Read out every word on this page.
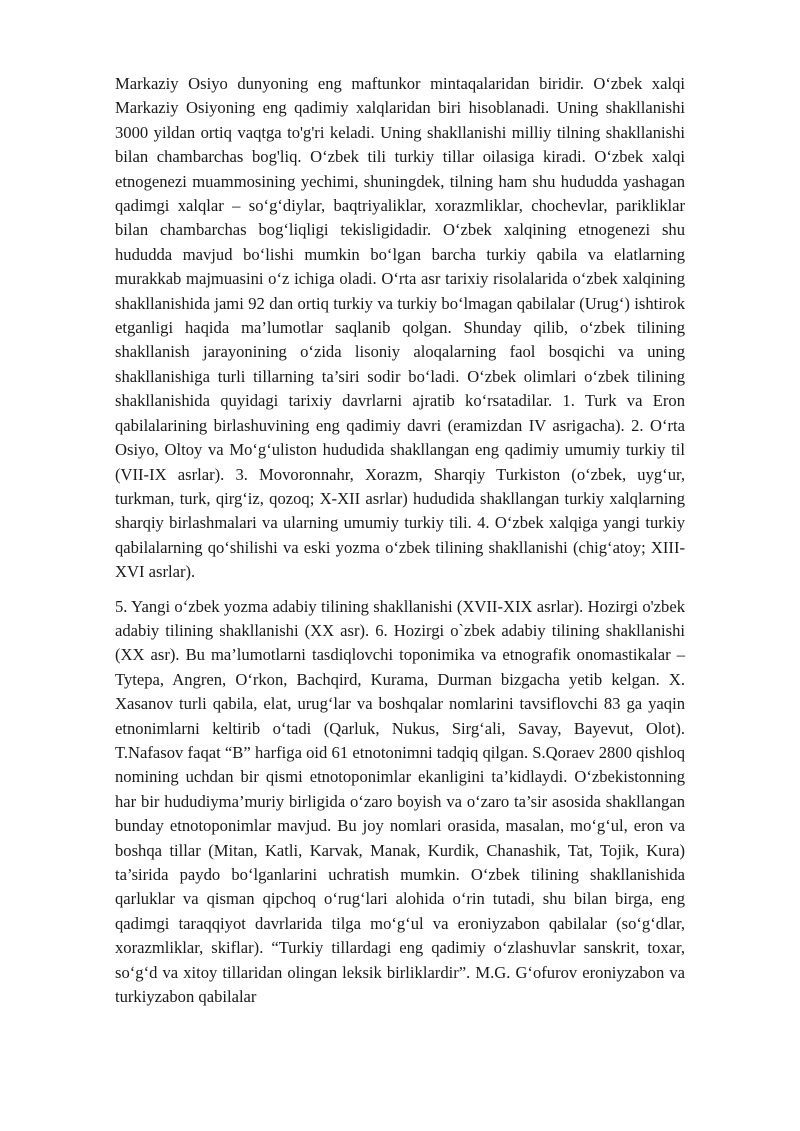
Markaziy Osiyo dunyoning eng maftunkor mintaqalaridan biridir. O‘zbek xalqi Markaziy Osiyoning eng qadimiy xalqlaridan biri hisoblanadi. Uning shakllanishi 3000 yildan ortiq vaqtga to'g'ri keladi. Uning shakllanishi milliy tilning shakllanishi bilan chambarchas bog'liq. O‘zbek tili turkiy tillar oilasiga kiradi. O‘zbek xalqi etnogenezi muammosining yechimi, shuningdek, tilning ham shu hududda yashagan qadimgi xalqlar – so‘g‘diylar, baqtriyaliklar, xorazmliklar, chochevlar, parikliklar bilan chambarchas bog‘liqligi tekisligidadir. O‘zbek xalqining etnogenezi shu hududda mavjud bo‘lishi mumkin bo‘lgan barcha turkiy qabila va elatlarning murakkab majmuasini o‘z ichiga oladi. O‘rta asr tarixiy risolalarida o‘zbek xalqining shakllanishida jami 92 dan ortiq turkiy va turkiy bo‘lmagan qabilalar (Urug‘) ishtirok etganligi haqida ma’lumotlar saqlanib qolgan. Shunday qilib, o‘zbek tilining shakllanish jarayonining o‘zida lisoniy aloqalarning faol bosqichi va uning shakllanishiga turli tillarning ta’siri sodir bo‘ladi. O‘zbek olimlari o‘zbek tilining shakllanishida quyidagi tarixiy davrlarni ajratib ko‘rsatadilar. 1. Turk va Eron qabilalarining birlashuvining eng qadimiy davri (eramizdan IV asrigacha). 2. O‘rta Osiyo, Oltoy va Mo‘g‘uliston hududida shakllangan eng qadimiy umumiy turkiy til (VII-IX asrlar). 3. Movoronnahr, Xorazm, Sharqiy Turkiston (o‘zbek, uyg‘ur, turkman, turk, qirg‘iz, qozoq; X-XII asrlar) hududida shakllangan turkiy xalqlarning sharqiy birlashmalari va ularning umumiy turkiy tili. 4. O‘zbek xalqiga yangi turkiy qabilalarning qo‘shilishi va eski yozma o‘zbek tilining shakllanishi (chig‘atoy; XIII-XVI asrlar).

5. Yangi o‘zbek yozma adabiy tilining shakllanishi (XVII-XIX asrlar). Hozirgi o'zbek adabiy tilining shakllanishi (XX asr). 6. Hozirgi o`zbek adabiy tilining shakllanishi (XX asr). Bu ma’lumotlarni tasdiqlovchi toponimika va etnografik onomastikalar – Tytepa, Angren, O‘rkon, Bachqird, Kurama, Durman bizgacha yetib kelgan. X. Xasanov turli qabila, elat, urug‘lar va boshqalar nomlarini tavsiflovchi 83 ga yaqin etnonimlarni keltirib o‘tadi (Qarluk, Nukus, Sirg‘ali, Savay, Bayevut, Olot). T.Nafasov faqat “B” harfiga oid 61 etnotonimni tadqiq qilgan. S.Qoraev 2800 qishloq nomining uchdan bir qismi etnotoponimlar ekanligini ta’kidlaydi. O‘zbekistonning har bir hududiyma’muriy birligida o‘zaro boyish va o‘zaro ta’sir asosida shakllangan bunday etnotoponimlar mavjud. Bu joy nomlari orasida, masalan, mo‘g‘ul, eron va boshqa tillar (Mitan, Katli, Karvak, Manak, Kurdik, Chanashik, Tat, Tojik, Kura) ta’sirida paydo bo‘lganlarini uchratish mumkin. O‘zbek tilining shakllanishida qarluklar va qisman qipchoq o‘rug‘lari alohida o‘rin tutadi, shu bilan birga, eng qadimgi taraqqiyot davrlarida tilga mo‘g‘ul va eroniyzabon qabilalar (so‘g‘dlar, xorazmliklar, skiflar). “Turkiy tillardagi eng qadimiy o‘zlashuvlar sanskrit, toxar, so‘g‘d va xitoy tillaridan olingan leksik birliklardir”. M.G. G‘ofurov eroniyzabon va turkiyzabon qabilalar
